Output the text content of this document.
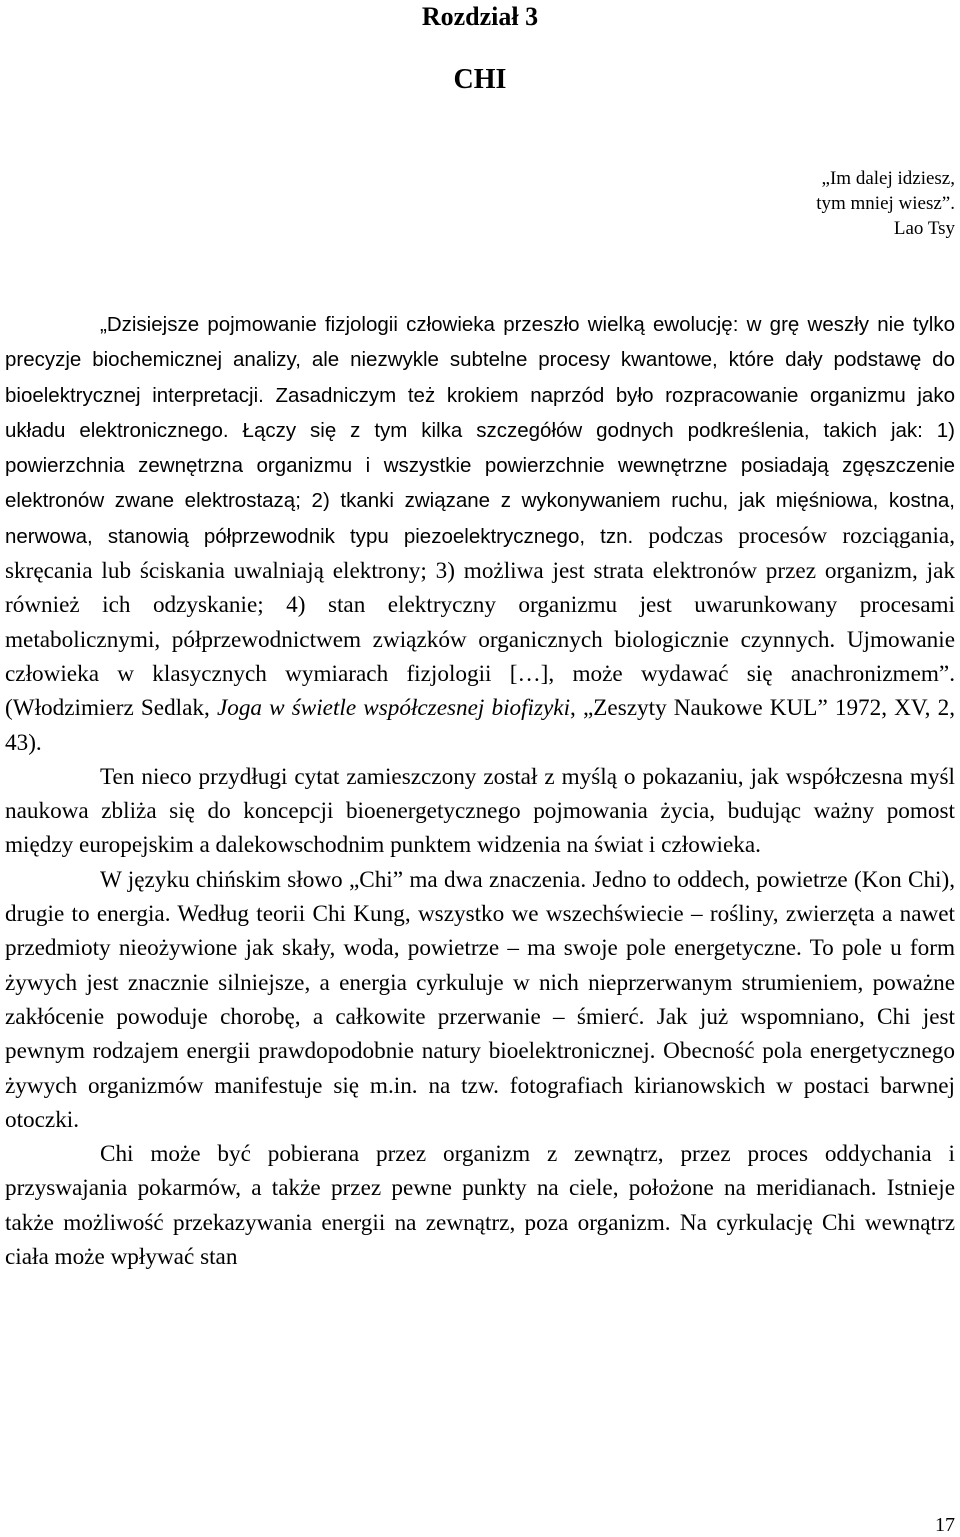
Rozdział 3
CHI
„Im dalej idziesz,
tym mniej wiesz”.
Lao Tsy

„Dzisiejsze pojmowanie fizjologii człowieka przeszło wielką ewolucję: w grę weszły nie tylko precyzje biochemicznej analizy, ale niezwykle subtelne procesy kwantowe, które dały podstawę do bioelektrycznej interpretacji. Zasadniczym też krokiem naprzód było rozpracowanie organizmu jako układu elektronicznego. Łączy się z tym kilka szczegółów godnych podkreślenia, takich jak: 1) powierzchnia zewnętrzna organizmu i wszystkie powierzchnie wewnętrzne posiadają zgęszczenie elektronów zwane elektrostazą; 2) tkanki związane z wykonywaniem ruchu, jak mięśniowa, kostna, nerwowa, stanowią półprzewodnik typu piezoelektrycznego, tzn. podczas procesów rozciągania, skręcania lub ściskania uwalniają elektrony; 3) możliwa jest strata elektronów przez organizm, jak również ich odzyskanie; 4) stan elektryczny organizmu jest uwarunkowany procesami metabolicznymi, półprzewodnictwem związków organicznych biologicznie czynnych. Ujmowanie człowieka w klasycznych wymiarach fizjologii […], może wydawać się anachronizmem”. (Włodzimierz Sedlak, Joga w świetle współczesnej biofizyki, „Zeszyty Naukowe KUL” 1972, XV, 2, 43).

Ten nieco przydługi cytat zamieszczony został z myślą o pokazaniu, jak współczesna myśl naukowa zbliża się do koncepcji bioenergetycznego pojmowania życia, budując ważny pomost między europejskim a dalekowschodnim punktem widzenia na świat i człowieka.

W języku chińskim słowo „Chi” ma dwa znaczenia. Jedno to oddech, powietrze (Kon Chi), drugie to energia. Według teorii Chi Kung, wszystko we wszechświecie – rośliny, zwierzęta a nawet przedmioty nieożywione jak skały, woda, powietrze – ma swoje pole energetyczne. To pole u form żywych jest znacznie silniejsze, a energia cyrkuluje w nich nieprzerwanym strumieniem, poważne zakłócenie powoduje chorobę, a całkowite przerwanie – śmierć. Jak już wspomniano, Chi jest pewnym rodzajem energii prawdopodobnie natury bioelektronicznej. Obecność pola energetycznego żywych organizmów manifestuje się m.in. na tzw. fotografiach kirianowskich w postaci barwnej otoczki.

Chi może być pobierana przez organizm z zewnątrz, przez proces oddychania i przyswajania pokarmów, a także przez pewne punkty na ciele, położone na meridianach. Istnieje także możliwość przekazywania energii na zewnątrz, poza organizm. Na cyrkulację Chi wewnątrz ciała może wpływać stan

17
